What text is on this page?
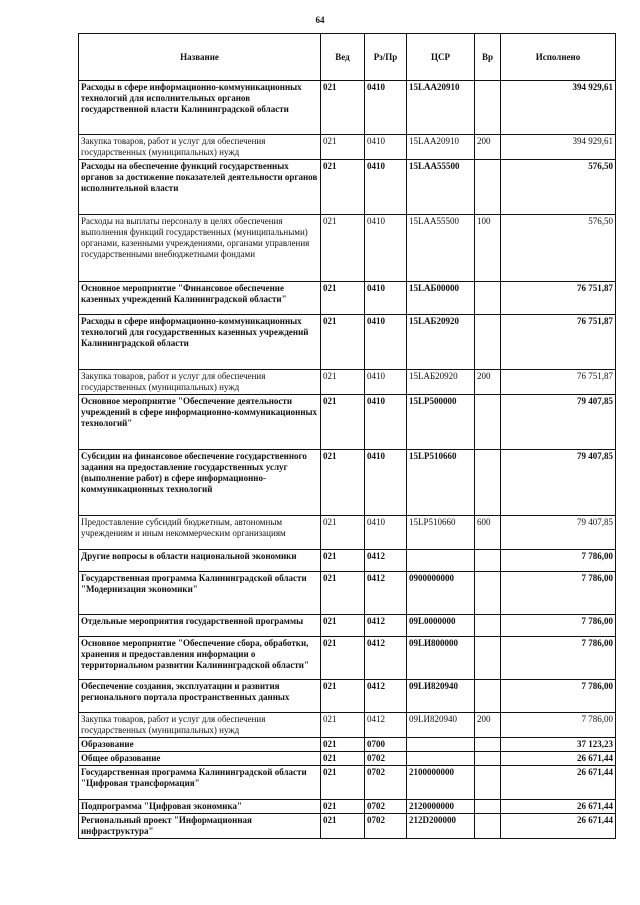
64
Название	Вед	Рз/Пр	ЦСР	Вр	Исполнено
Расходы в сфере информационно-коммуникационных технологий для исполнительных органов государственной власти Калининградской области	021	0410	15LAA20910		394 929,61
Закупка товаров, работ и услуг для обеспечения государственных (муниципальных) нужд	021	0410	15LAA20910	200	394 929,61
Расходы на обеспечение функций государственных органов за достижение показателей деятельности органов исполнительной власти	021	0410	15LAA55500		576,50
Расходы на выплаты персоналу в целях обеспечения выполнения функций государственных (муниципальными) органами, казенными учреждениями, органами управления государственными внебюджетными фондами	021	0410	15LAA55500	100	576,50
Основное мероприятие "Финансовое обеспечение казенных учреждений Калининградской области"	021	0410	15LAБ00000		76 751,87
Расходы в сфере информационно-коммуникационных технологий для государственных казенных учреждений Калининградской области	021	0410	15LAБ20920		76 751,87
Закупка товаров, работ и услуг для обеспечения государственных (муниципальных) нужд	021	0410	15LAБ20920	200	76 751,87
Основное мероприятие "Обеспечение деятельности учреждений в сфере информационно-коммуникационных технологий"	021	0410	15LP500000		79 407,85
Субсидии на финансовое обеспечение государственного задания на предоставление государственных услуг (выполнение работ) в сфере информационно-коммуникационных технологий	021	0410	15LP510660		79 407,85
Предоставление субсидий бюджетным, автономным учреждениям и иным некоммерческим организациям	021	0410	15LP510660	600	79 407,85
Другие вопросы в области национальной экономики	021	0412			7 786,00
Государственная программа Калининградской области "Модернизация экономики"	021	0412	0900000000		7 786,00
Отдельные мероприятия государственной программы	021	0412	09L0000000		7 786,00
Основное мероприятие "Обеспечение сбора, обработки, хранения и предоставления информации о территориальном развитии Калининградской области"	021	0412	09LИ800000		7 786,00
Обеспечение создания, эксплуатации и развития регионального портала пространственных данных	021	0412	09LИ820940		7 786,00
Закупка товаров, работ и услуг для обеспечения государственных (муниципальных) нужд	021	0412	09LИ820940	200	7 786,00
Образование	021	0700			37 123,23
Общее образование	021	0702			26 671,44
Государственная программа Калининградской области "Цифровая трансформация"	021	0702	2100000000		26 671,44
Подпрограмма "Цифровая экономика"	021	0702	2120000000		26 671,44
Региональный проект "Информационная инфраструктура"	021	0702	212D200000		26 671,44
